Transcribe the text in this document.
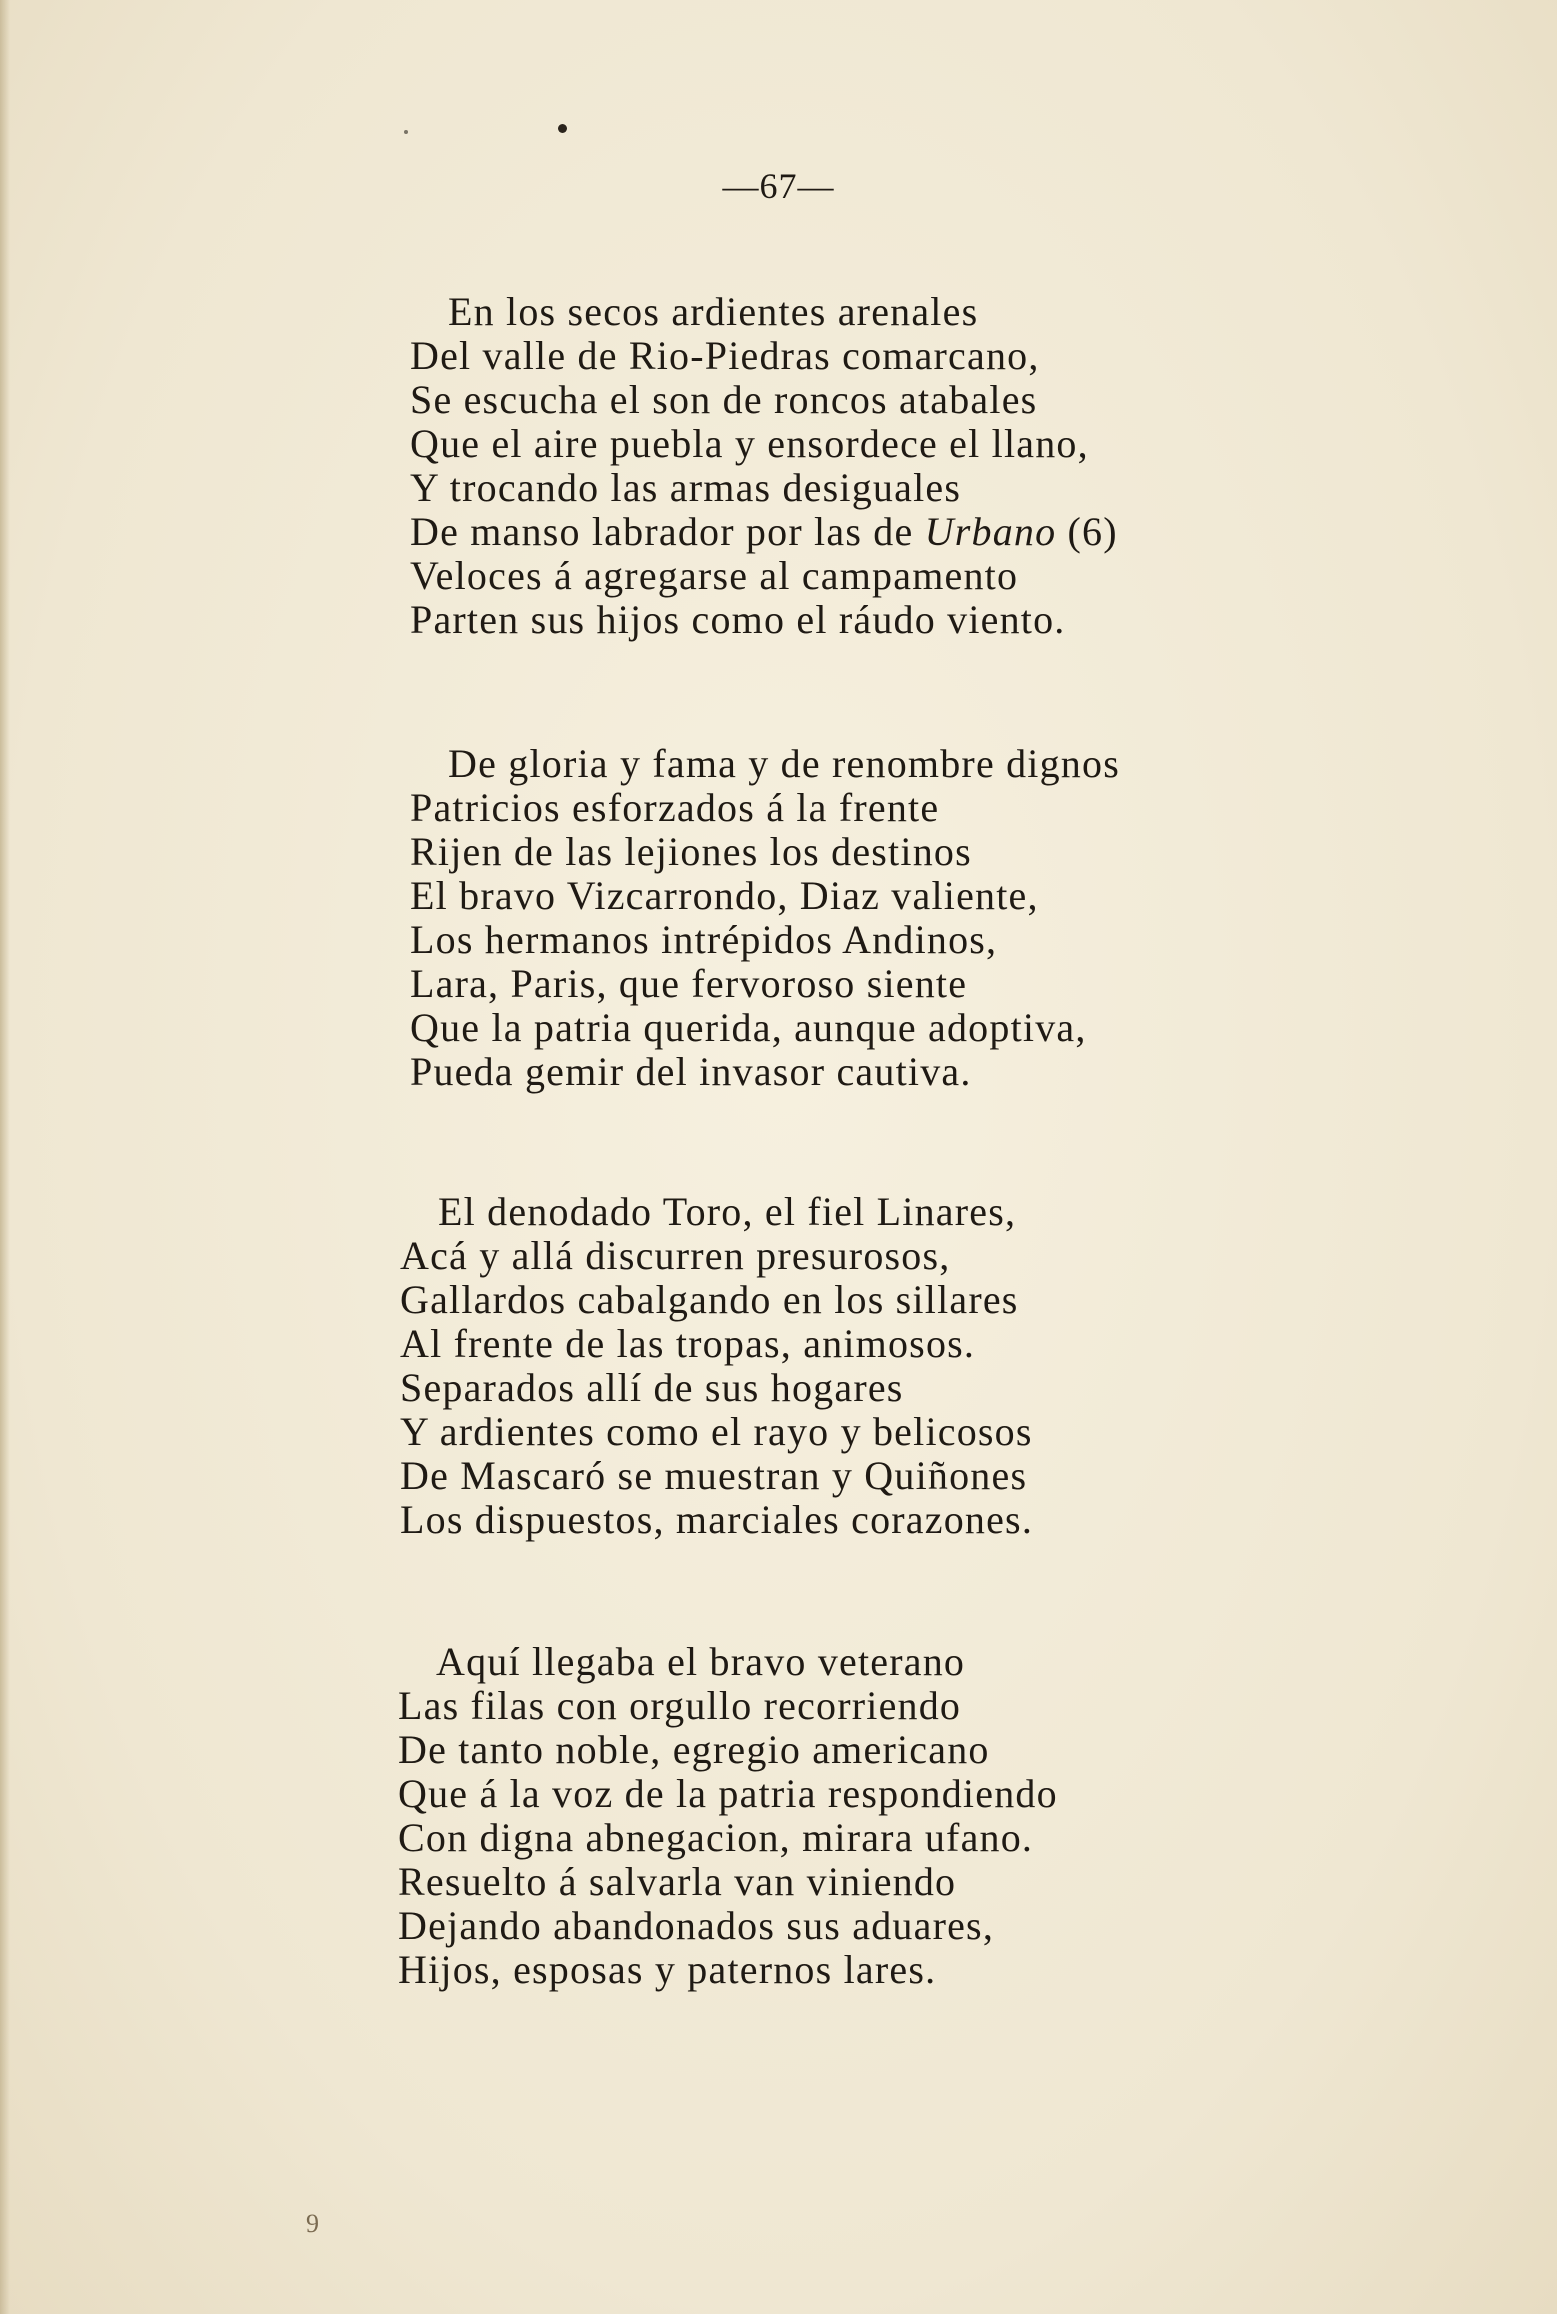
—67—
En los secos ardientes arenales
Del valle de Rio-Piedras comarcano,
Se escucha el son de roncos atabales
Que el aire puebla y ensordece el llano,
Y trocando las armas desiguales
De manso labrador por las de Urbano (6)
Veloces á agregarse al campamento
Parten sus hijos como el ráudo viento.
De gloria y fama y de renombre dignos
Patricios esforzados á la frente
Rijen de las lejiones los destinos
El bravo Vizcarrondo, Diaz valiente,
Los hermanos intrépidos Andinos,
Lara, Paris, que fervoroso siente
Que la patria querida, aunque adoptiva,
Pueda gemir del invasor cautiva.
El denodado Toro, el fiel Linares,
Acá y allá discurren presurosos,
Gallardos cabalgando en los sillares
Al frente de las tropas, animosos.
Separados allí de sus hogares
Y ardientes como el rayo y belicosos
De Mascaró se muestran y Quiñones
Los dispuestos, marciales corazones.
Aquí llegaba el bravo veterano
Las filas con orgullo recorriendo
De tanto noble, egregio americano
Que á la voz de la patria respondiendo
Con digna abnegacion, mirara ufano.
Resuelto á salvarla van viniendo
Dejando abandonados sus aduares,
Hijos, esposas y paternos lares.
9
